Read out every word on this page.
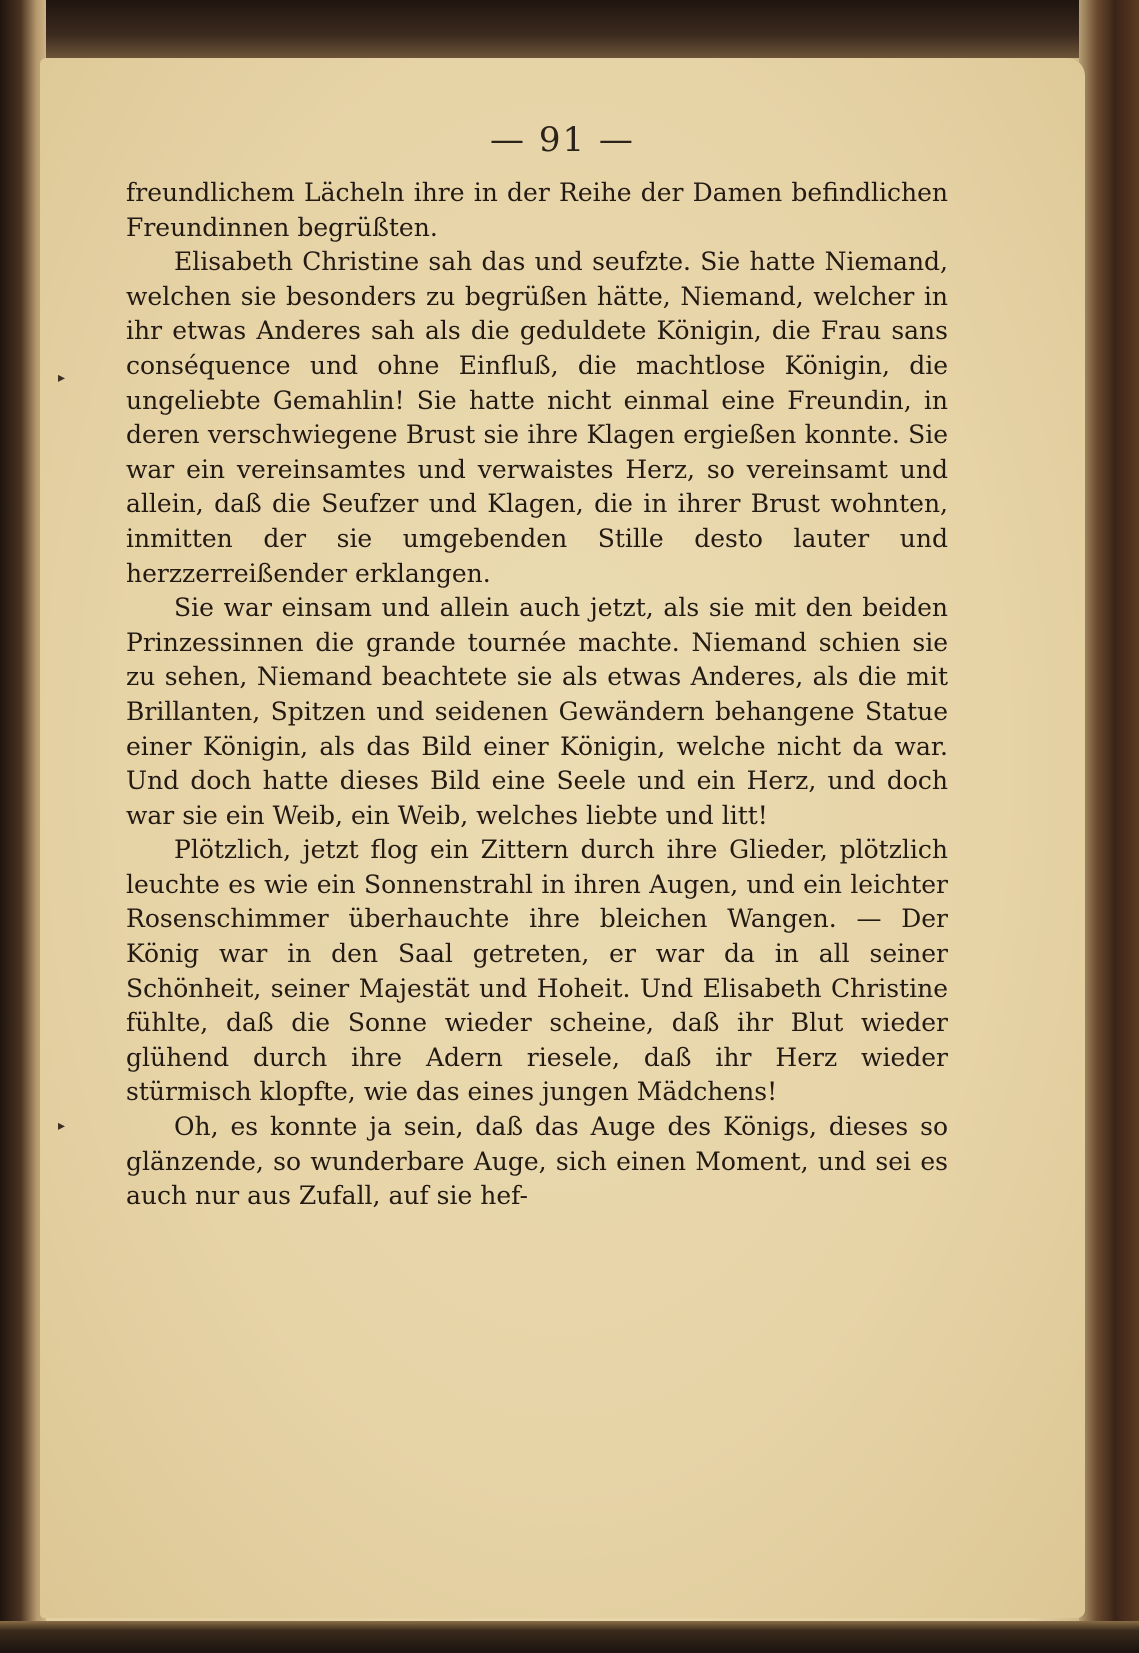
— 91 —

freundlichem Lächeln ihre in der Reihe der Damen befindlichen Freundinnen begrüßten.

Elisabeth Christine sah das und seufzte. Sie hatte Niemand, welchen sie besonders zu begrüßen hätte, Niemand, welcher in ihr etwas Anderes sah als die geduldete Königin, die Frau sans conséquence und ohne Einfluß, die machtlose Königin, die ungeliebte Gemahlin! Sie hatte nicht einmal eine Freundin, in deren verschwiegene Brust sie ihre Klagen ergießen konnte. Sie war ein vereinsamtes und verwaistes Herz, so vereinsamt und allein, daß die Seufzer und Klagen, die in ihrer Brust wohnten, inmitten der sie umgebenden Stille desto lauter und herzzerreißender erklangen.

Sie war einsam und allein auch jetzt, als sie mit den beiden Prinzessinnen die grande tournée machte. Niemand schien sie zu sehen, Niemand beachtete sie als etwas Anderes, als die mit Brillanten, Spitzen und seidenen Gewändern behangene Statue einer Königin, als das Bild einer Königin, welche nicht da war. Und doch hatte dieses Bild eine Seele und ein Herz, und doch war sie ein Weib, ein Weib, welches liebte und litt!

Plötzlich, jetzt flog ein Zittern durch ihre Glieder, plötzlich leuchte es wie ein Sonnenstrahl in ihren Augen, und ein leichter Rosenschimmer überhauchte ihre bleichen Wangen. — Der König war in den Saal getreten, er war da in all seiner Schönheit, seiner Majestät und Hoheit. Und Elisabeth Christine fühlte, daß die Sonne wieder scheine, daß ihr Blut wieder glühend durch ihre Adern riesele, daß ihr Herz wieder stürmisch klopfte, wie das eines jungen Mädchens!

Oh, es konnte ja sein, daß das Auge des Königs, dieses so glänzende, so wunderbare Auge, sich einen Moment, und sei es auch nur aus Zufall, auf sie hef-

▸
▸
